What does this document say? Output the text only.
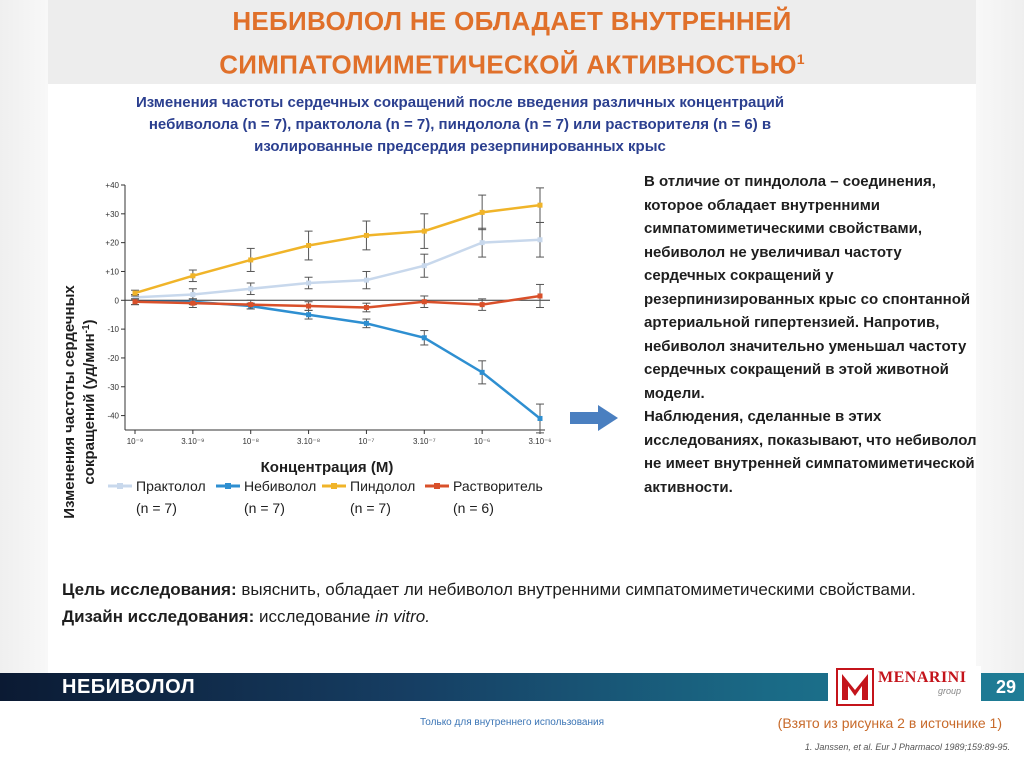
НЕБИВОЛОЛ НЕ ОБЛАДАЕТ ВНУТРЕННЕЙ
СИМПАТОМИМЕТИЧЕСКОЙ АКТИВНОСТЬЮ$^1$
Изменения частоты сердечных сокращений после введения различных концентраций
небиволола (n = 7), практолола (n = 7), пиндолола (n = 7) или растворителя (n = 6) в
изолированные предсердия резерпинированных крыс
+40
+30
+20
+10
0
-10
-20
-30
-40
10⁻⁹	3.10⁻⁹	10⁻⁸	3.10⁻⁸	10⁻⁷	3.10⁻⁷	10⁻⁶	3.10⁻⁶
Практолол
(n = 7)
Небиволол
(n = 7)
Пиндолол
(n = 7)
Растворитель
(n = 6)
Изменения частоты сердечных сокращений (уд/мин$^{-1}$)
Концентрация (М)

В отличие от пиндолола – соединения, которое обладает внутренними симпатомиметическими свойствами, небиволол не увеличивал частоту сердечных сокращений у резерпинизированных крыс со спонтанной артериальной гипертензией. Напротив, небиволол значительно уменьшал частоту сердечных сокращений в этой животной модели.

Наблюдения, сделанные в этих исследованиях, показывают, что небиволол не имеет внутренней симпатомиметической активности.

Цель исследования: выяснить, обладает ли небиволол внутренними симпатомиметическими свойствами.

Дизайн исследования: исследование in vitro.

НЕБИВОЛОЛ	MENARINI
group	29
Только для внутреннего использования	(Взято из рисунка 2 в источнике 1)
1. Janssen, et al. Eur J Pharmacol 1989;159:89-95.
